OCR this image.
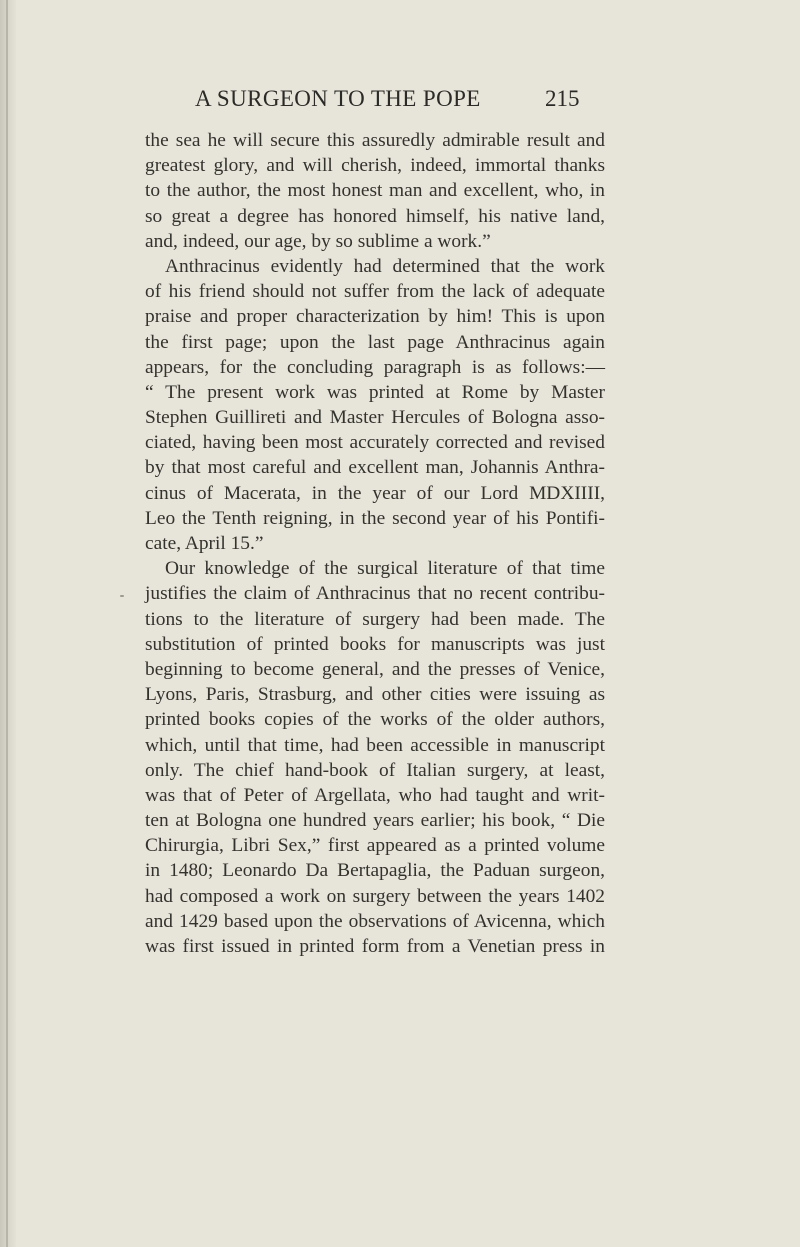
A SURGEON TO THE POPE	215
the sea he will secure this assuredly admirable result and
greatest glory, and will cherish, indeed, immortal thanks
to the author, the most honest man and excellent, who, in
so great a degree has honored himself, his native land,
and, indeed, our age, by so sublime a work.”
Anthracinus evidently had determined that the work
of his friend should not suffer from the lack of adequate
praise and proper characterization by him! This is upon
the first page; upon the last page Anthracinus again
appears, for the concluding paragraph is as follows:—
“ The present work was printed at Rome by Master
Stephen Guillireti and Master Hercules of Bologna asso-
ciated, having been most accurately corrected and revised
by that most careful and excellent man, Johannis Anthra-
cinus of Macerata, in the year of our Lord MDXIIII,
Leo the Tenth reigning, in the second year of his Pontifi-
cate, April 15.”
Our knowledge of the surgical literature of that time
justifies the claim of Anthracinus that no recent contribu-
tions to the literature of surgery had been made. The
substitution of printed books for manuscripts was just
beginning to become general, and the presses of Venice,
Lyons, Paris, Strasburg, and other cities were issuing as
printed books copies of the works of the older authors,
which, until that time, had been accessible in manuscript
only. The chief hand-book of Italian surgery, at least,
was that of Peter of Argellata, who had taught and writ-
ten at Bologna one hundred years earlier; his book, “ Die
Chirurgia, Libri Sex,” first appeared as a printed volume
in 1480; Leonardo Da Bertapaglia, the Paduan surgeon,
had composed a work on surgery between the years 1402
and 1429 based upon the observations of Avicenna, which
was first issued in printed form from a Venetian press in
